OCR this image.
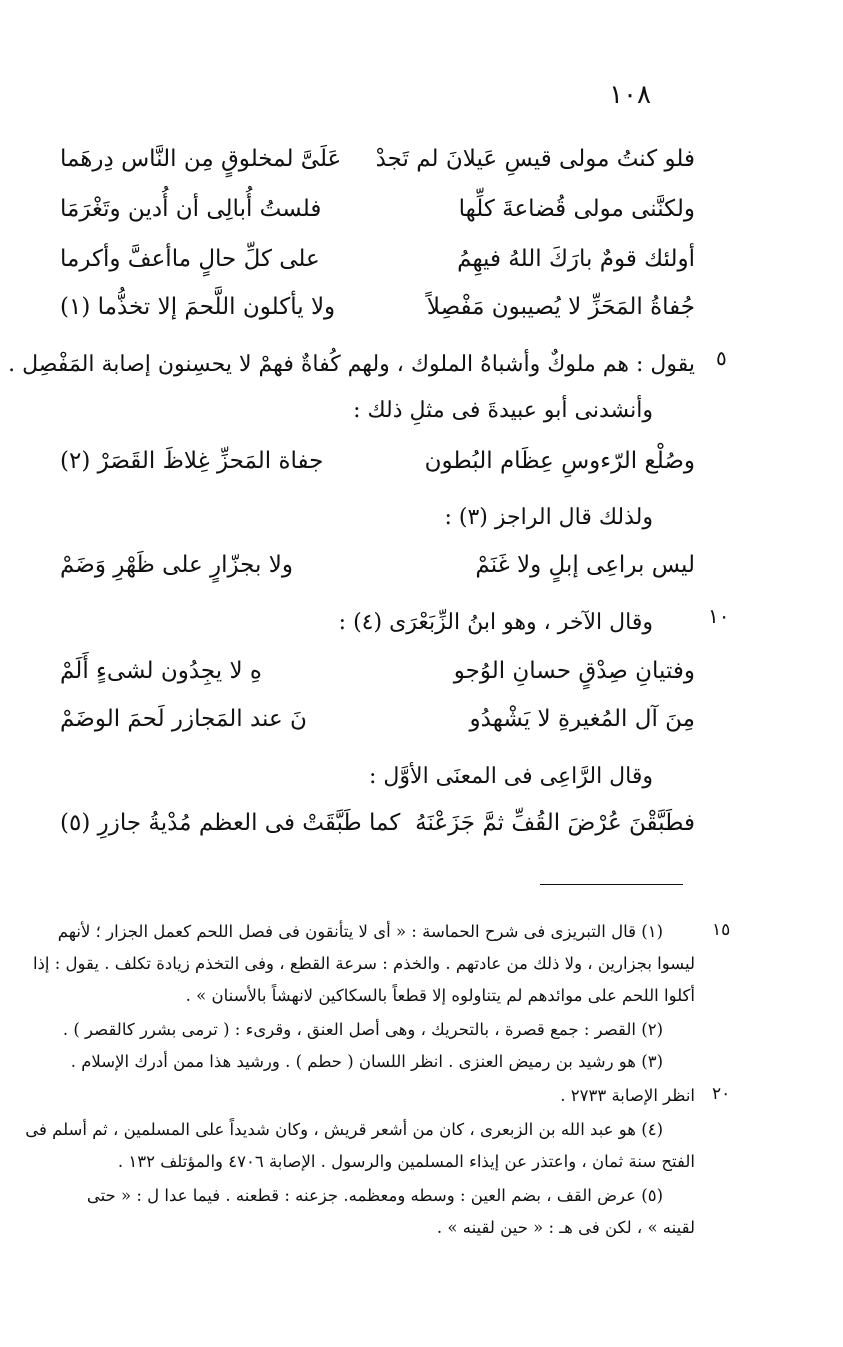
١٠٨
فلو كنتُ مولى قيسِ عَيلانَ لم تَجدْ
عَلَىَّ لمخلوقٍ مِن النَّاس دِرهَما
ولكنَّنى مولى قُضاعةَ كلِّها
فلستُ أُبالِى أن أُدين وتَغْرَمَا
أولئك قومٌ بارَكَ اللهُ فيهِمُ
على كلِّ حالٍ ماأعفَّ وأكرما
جُفاةُ المَحَزِّ لا يُصيبون مَفْصِلاً
ولا يأكلون اللَّحمَ إلا تخذُّما (١)
٥
يقول : هم ملوكٌ وأشباهُ الملوك ، ولهم كُفاةٌ فهمْ لا يحسِنون إصابة المَفْصِل .
وأنشدنى أبو عبيدةَ فى مثلِ ذلك :
وصُلْع الرّءوسِ عِظَام البُطون
جفاة المَحزِّ غِلاظَ القَصَرْ (٢)
ولذلك قال الراجز (٣) :
ليس براعِى إبلٍ ولا غَنَمْ
ولا بجزّارٍ على ظَهْرِ وَضَمْ
١٠
وقال الآخر ، وهو ابنُ الزِّبَعْرَى (٤) :
وفتيانِ صِدْقٍ حسانِ الوُجو
هِ لا يجِدُون لشىءٍ أَلَمْ
مِنَ آل المُغيرةِ لا يَشْهدُو
نَ عند المَجازر لَحمَ الوضَمْ
وقال الرَّاعِى فى المعنَى الأوَّل :
فطَبَّقْنَ عُرْضَ القُفِّ ثمَّ جَزَعْنَهُ
كما طَبَّقَتْ فى العظم مُدْيةُ جازرِ (٥)
١٥
(١) قال التبريزى فى شرح الحماسة : « أى لا يتأنقون فى فصل اللحم كعمل الجزار ؛ لأنهم
ليسوا بجزارين ، ولا ذلك من عادتهم . والخذم : سرعة القطع ، وفى التخذم زيادة تكلف . يقول : إذا
أكلوا اللحم على موائدهم لم يتناولوه إلا قطعاً بالسكاكين لانهشاً بالأسنان » .
(٢) القصر : جمع قصرة ، بالتحريك ، وهى أصل العنق ، وقرىء : ( ترمى بشرر كالقصر ) .
(٣) هو رشيد بن رميض العنزى . انظر اللسان ( حطم ) . ورشيد هذا ممن أدرك الإسلام .
٢٠
انظر الإصابة ٢٧٣٣ .
(٤) هو عبد الله بن الزبعرى ، كان من أشعر قريش ، وكان شديداً على المسلمين ، ثم أسلم فى
الفتح سنة ثمان ، واعتذر عن إيذاء المسلمين والرسول . الإصابة ٤٧٠٦ والمؤتلف ١٣٢ .
(٥) عرض القف ، بضم العين : وسطه ومعظمه. جزعنه : قطعنه . فيما عدا ل : « حتى
لقينه » ، لكن فى هـ : « حين لقينه » .
